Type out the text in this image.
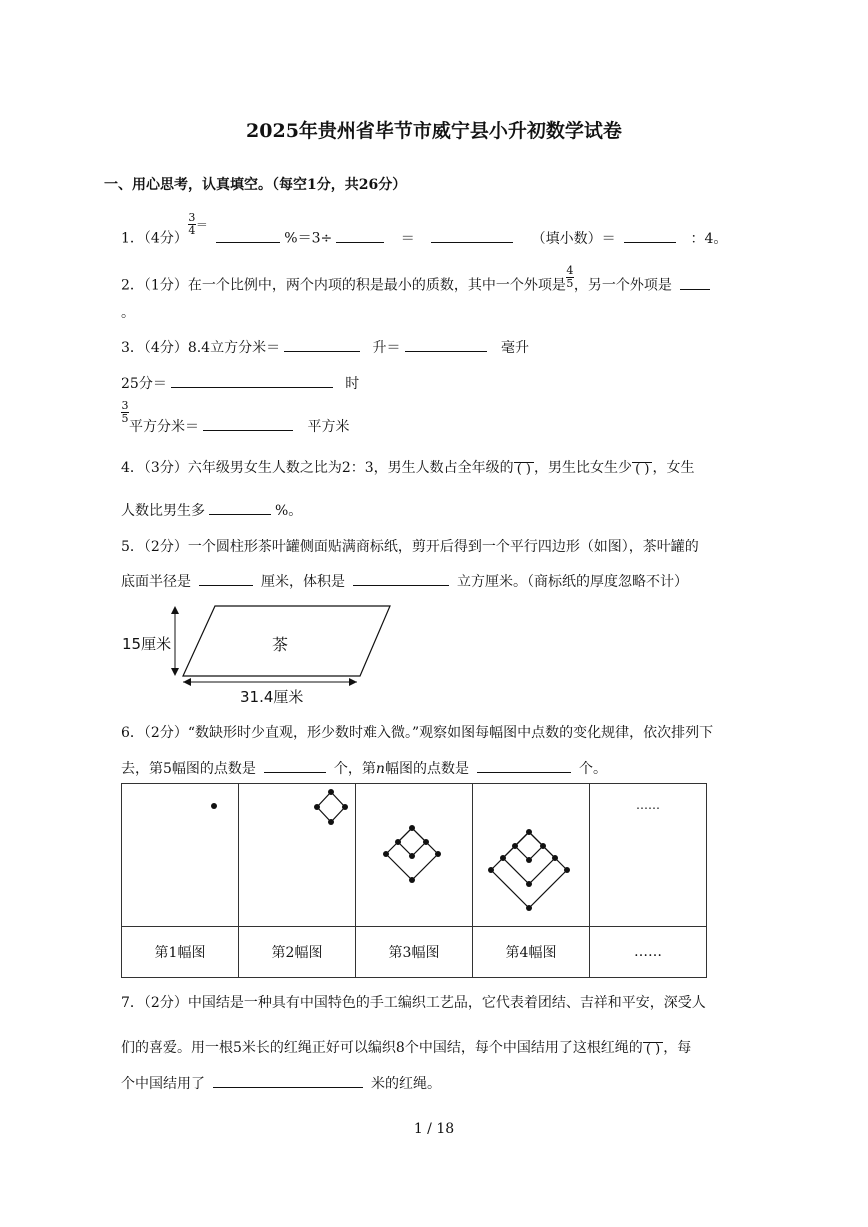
2025年贵州省毕节市威宁县小升初数学试卷
一、用心思考，认真填空。（每空1分，共26分）
1．（4分）
$\frac{3}{4} = \%=3\div$	＝	（填小数）＝	：4。
2．（1分）在一个比例中，两个内项的积是最小的质数，其中一个外项是 $\frac{4}{5}$ ，另一个外项是
。
3．（4分）8.4立方分米＝	升＝	毫升
25分＝	时
$\frac{3}{5}$
平方分米＝	平方米
4．（3分）六年级男女生人数之比为2：3，男生人数占全年级的
( ) ，男生比女生少
( ) ，女生
人数比男生多	%。
5．（2分）一个圆柱形茶叶罐侧面贴满商标纸，剪开后得到一个平行四边形（如图），茶叶罐的
底面半径是	厘米，体积是	立方厘米。（商标纸的厚度忽略不计）
15厘米	茶
31.4厘米
6．（2分）“数缺形时少直观，形少数时难入微。”观察如图每幅图中点数的变化规律，依次排列下
去，第5幅图的点数是	个，第n幅图的点数是	个。

……

第1幅图	第2幅图	第3幅图	第4幅图	……
7．（2分）中国结是一种具有中国特色的手工编织工艺品，它代表着团结、吉祥和平安，深受人
们的喜爱。用一根5米长的红绳正好可以编织8个中国结，每个中国结用了这根红绳的
( ) ，每
个中国结用了	米的红绳。
1 / 18
